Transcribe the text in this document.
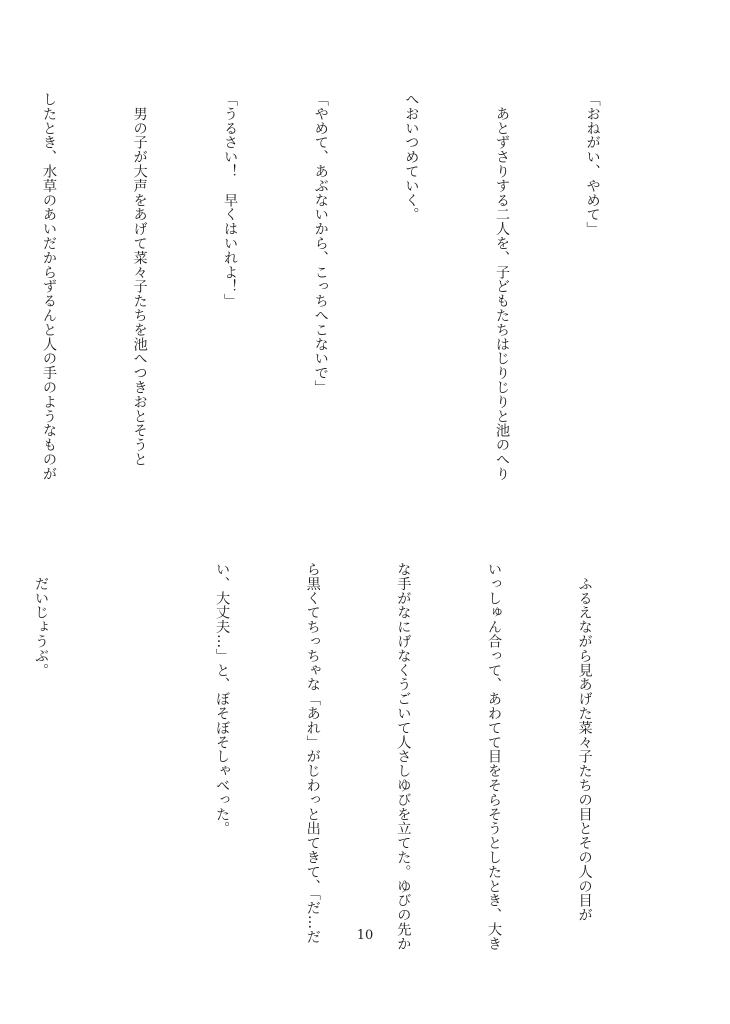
「おねがい、やめて」

　あとずさりする二人を、子どもたちはじりじりと池のへり

へおいつめていく。

「やめて、あぶないから、こっちへこないで」

「うるさい！　早くはいれよ！」

　男の子が大声をあげて菜々子たちを池へつきおとそうと

したとき、水草のあいだからずるんと人の手のようなものが

　ふるえながら見あげた菜々子たちの目とその人の目が

いっしゅん合って、あわてて目をそらそうとしたとき、大き

な手がなにげなくうごいて人さしゆびを立てた。ゆびの先か

ら黒くてちっちゃな「あれ」がじわっと出てきて、「だ…だ

い、大丈夫…」と、ぼそぼそしゃべった。

　だいじょうぶ。

10
